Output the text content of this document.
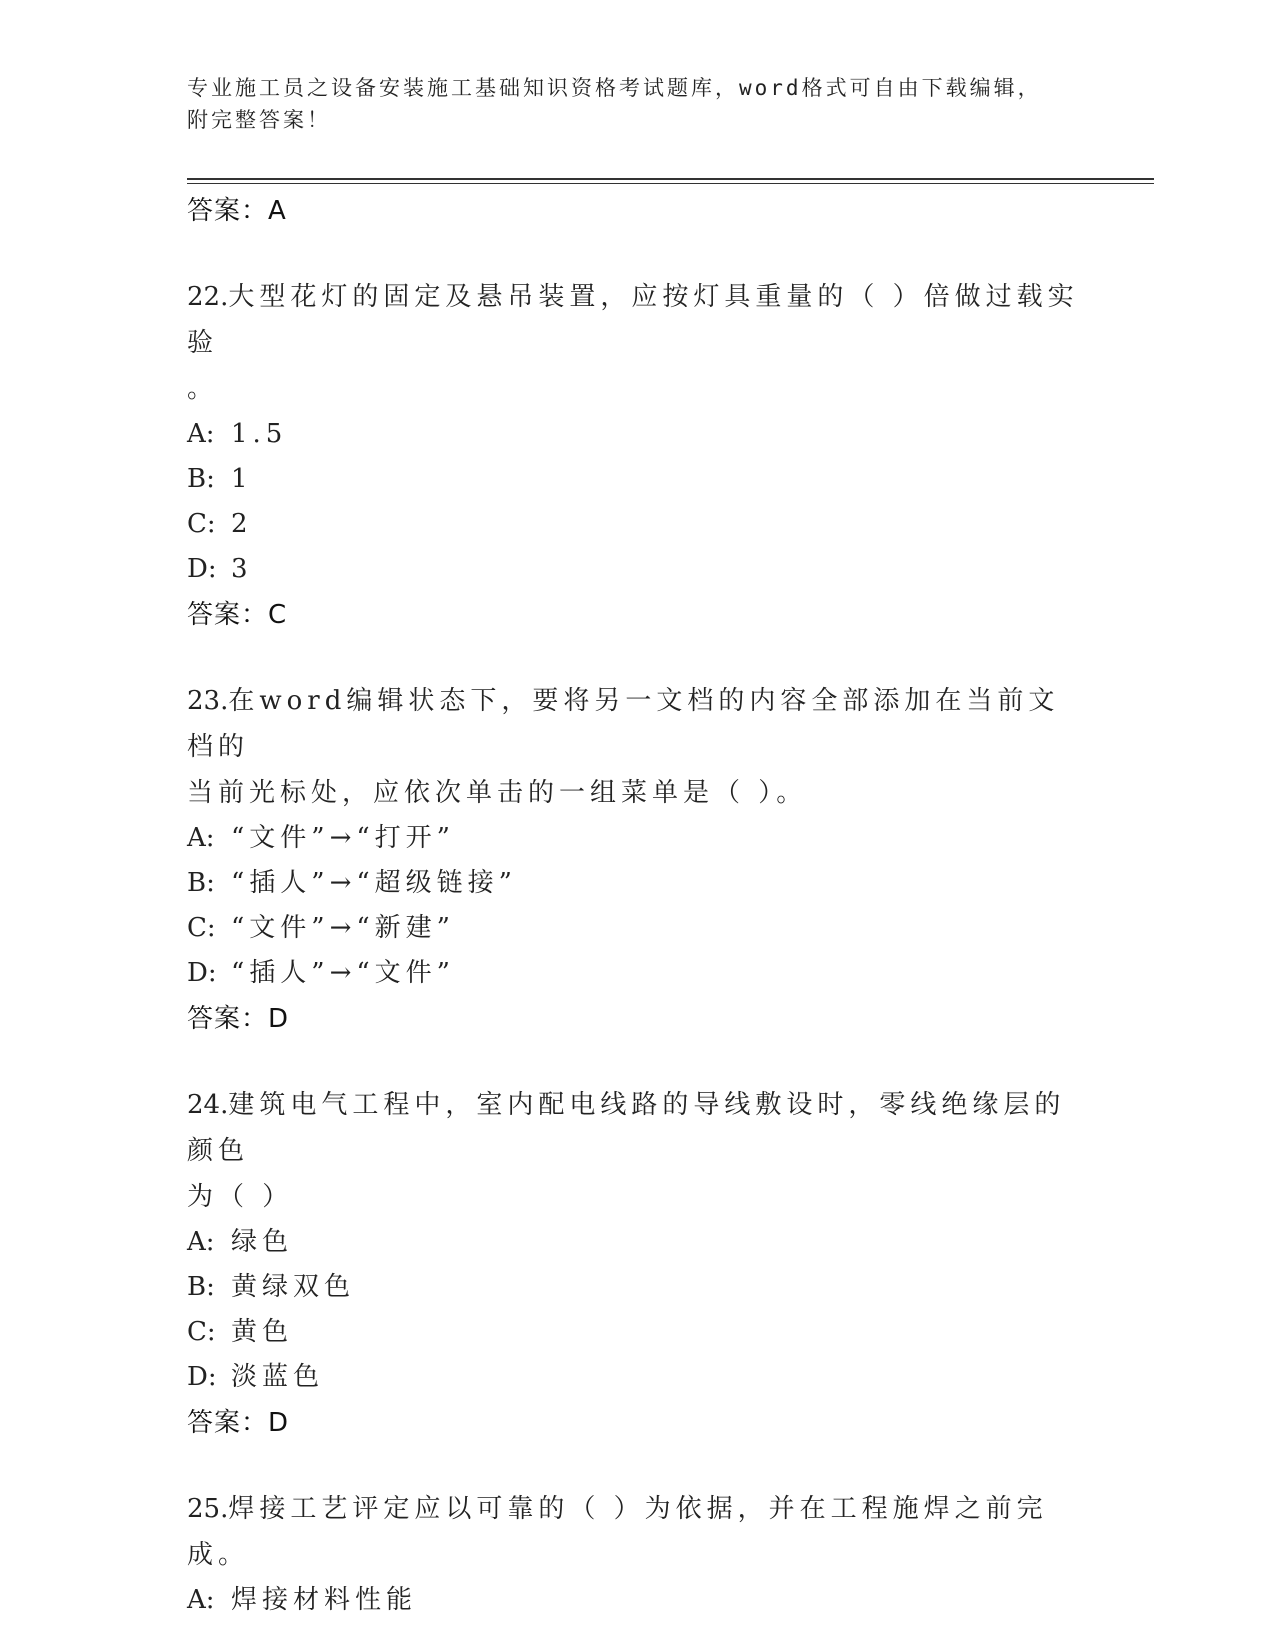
专业施工员之设备安装施工基础知识资格考试题库，word格式可自由下载编辑，
附完整答案！
答案：A
22.大型花灯的固定及悬吊装置，应按灯具重量的（ ）倍做过载实验
。
A: 1.5
B: 1
C: 2
D: 3
答案：C
23.在word编辑状态下，要将另一文档的内容全部添加在当前文档的
当前光标处，应依次单击的一组菜单是（ ）。
A: “文件”→“打开”
B: “插人”→“超级链接”
C: “文件”→“新建”
D: “插人”→“文件”
答案：D
24.建筑电气工程中，室内配电线路的导线敷设时，零线绝缘层的颜色
为（ ）
A: 绿色
B: 黄绿双色
C: 黄色
D: 淡蓝色
答案：D
25.焊接工艺评定应以可靠的（ ）为依据，并在工程施焊之前完成。
A: 焊接材料性能
